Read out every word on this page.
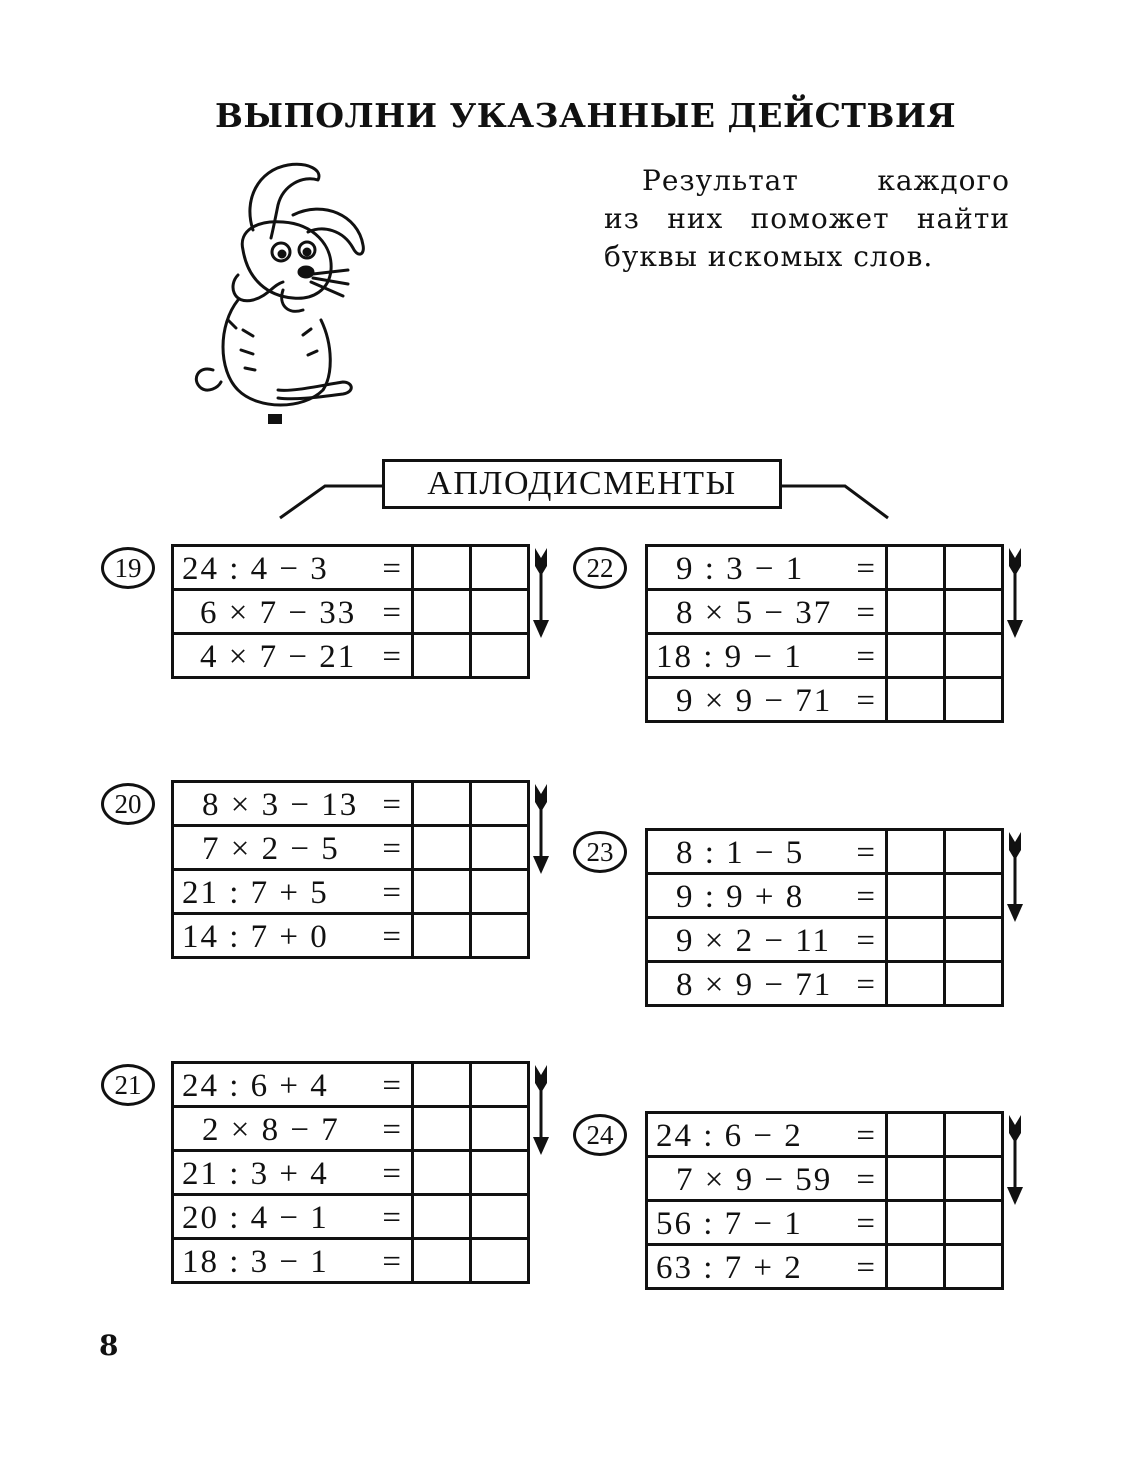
ВЫПОЛНИ УКАЗАННЫЕ ДЕЙСТВИЯ
Результат каждого
из них поможет найти
буквы искомых слов.
АПЛОДИСМЕНТЫ
19	24 : 4 − 3 =		

6 × 7 − 33 =		

4 × 7 − 21 =		

20	8 × 3 − 13 =		

7 × 2 − 5 =		

21 : 7 + 5 =		

14 : 7 + 0 =		

21	24 : 6 + 4 =		

2 × 8 − 7 =		

21 : 3 + 4 =		

20 : 4 − 1 =		

18 : 3 − 1 =		

22	9 : 3 − 1 =		

8 × 5 − 37 =		

18 : 9 − 1 =		

9 × 9 − 71 =		

23	8 : 1 − 5 =		

9 : 9 + 8 =		

9 × 2 − 11 =		

8 × 9 − 71 =		

24	24 : 6 − 2 =		

7 × 9 − 59 =		

56 : 7 − 1 =		

63 : 7 + 2 =		

8
